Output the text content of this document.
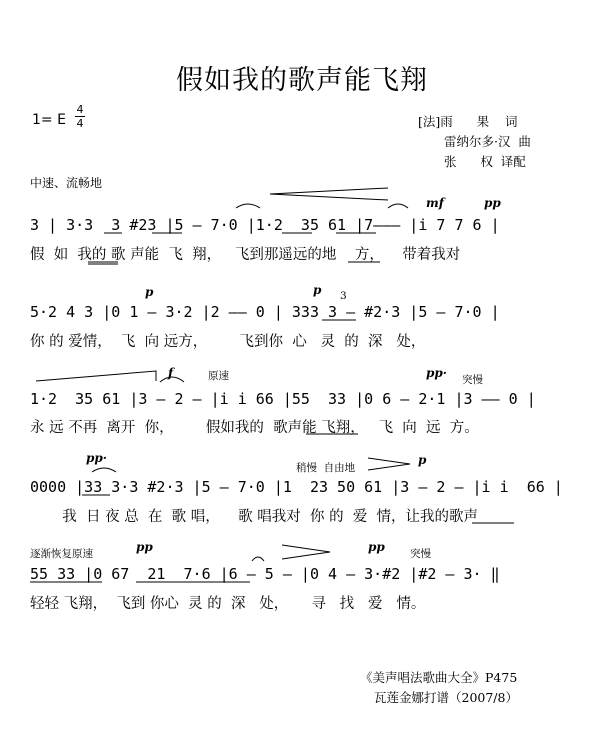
假如我的歌声能飞翔
1= E
4
4	[法]雨      果    词
雷纳尔多·汉  曲
张      权  译配
中速、流畅地
mf	pp
3 | 3·3  3 #23 |5 – 7·0 |1·2  35 61 |7––– |i 7 7 6 |
假  如  我的 歌 声能  飞  翔，   飞到那遥远的地    方，    带着我对
p	p 3
5·2 4 3 |0 1 – 3·2 |2 –– 0 | 333 3 – #2·3 |5 – 7·0 |
你 的 爱情，  飞  向 远方，       飞到你  心   灵  的  深   处，
f	原速	pp· 突慢
1·2  35 61 |3 – 2 – |i i 66 |55  33 |0 6 – 2·1 |3 –– 0 |
永 远 不再  离开  你，       假如我的  歌声能 飞翔，   飞  向  远  方。
pp·
稍慢  自由地
p
0000 |33 3·3 #2·3 |5 – 7·0 |1  23 50 61 |3 – 2 – |i i  66 |
我  日 夜 总  在  歌 唱，    歌 唱我对  你 的  爱  情，让我的歌声
逐渐恢复原速	pp	pp 突慢
55 33 |0 67  21  7·6 |6 – 5 – |0 4 – 3·#2 |#2 – 3· ‖
轻轻 飞翔，  飞到 你心  灵 的  深   处，     寻   找   爱   情。
《美声唱法歌曲大全》P475
瓦莲金娜打谱（2007/8）
